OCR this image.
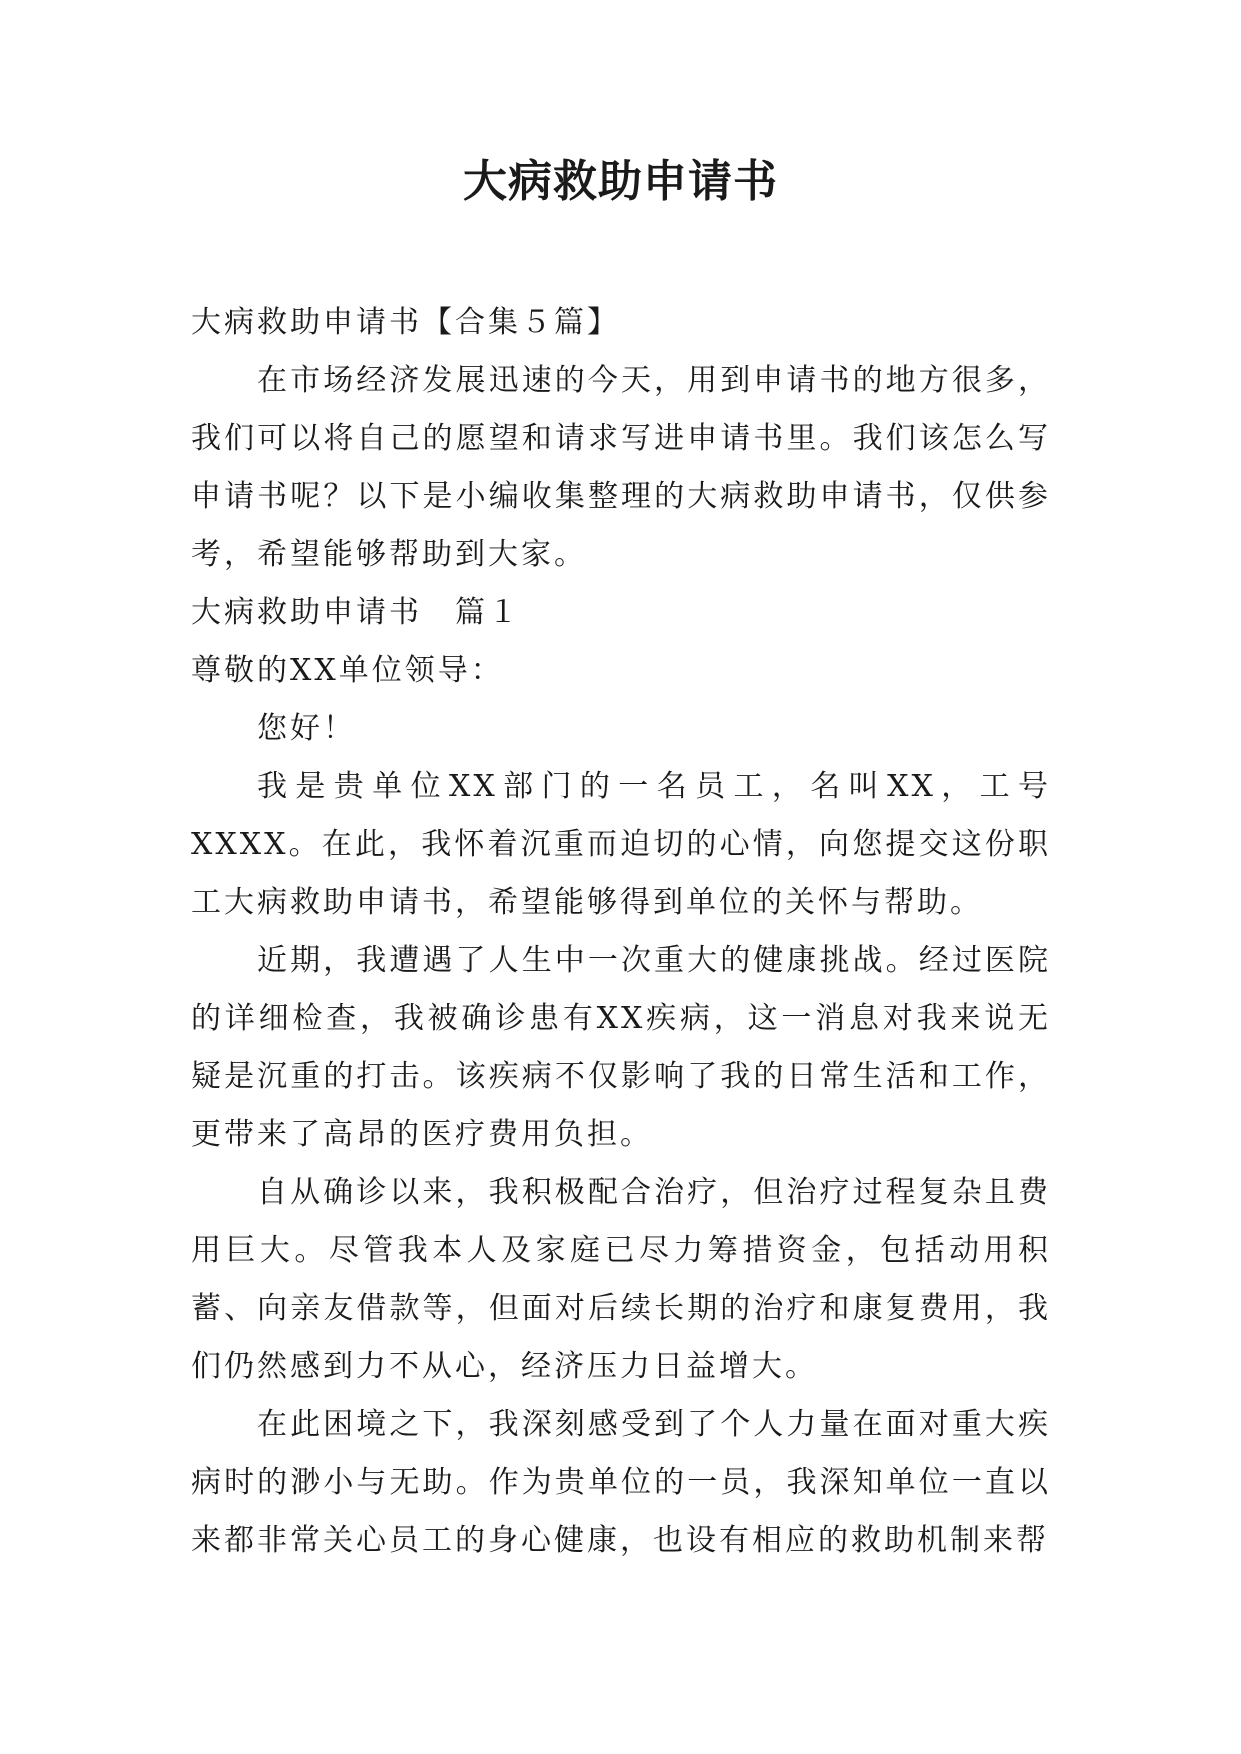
大病救助申请书

大病救助申请书【合集５篇】

在市场经济发展迅速的今天，用到申请书的地方很多，我们可以将自己的愿望和请求写进申请书里。我们该怎么写申请书呢？以下是小编收集整理的大病救助申请书，仅供参考，希望能够帮助到大家。

大病救助申请书　篇１

尊敬的XX单位领导：

您好！

我是贵单位XX部门的一名员工，名叫XX，工号XXXX。在此，我怀着沉重而迫切的心情，向您提交这份职工大病救助申请书，希望能够得到单位的关怀与帮助。

近期，我遭遇了人生中一次重大的健康挑战。经过医院的详细检查，我被确诊患有XX疾病，这一消息对我来说无疑是沉重的打击。该疾病不仅影响了我的日常生活和工作，更带来了高昂的医疗费用负担。

自从确诊以来，我积极配合治疗，但治疗过程复杂且费用巨大。尽管我本人及家庭已尽力筹措资金，包括动用积蓄、向亲友借款等，但面对后续长期的治疗和康复费用，我们仍然感到力不从心，经济压力日益增大。

在此困境之下，我深刻感受到了个人力量在面对重大疾病时的渺小与无助。作为贵单位的一员，我深知单位一直以来都非常关心员工的身心健康，也设有相应的救助机制来帮
